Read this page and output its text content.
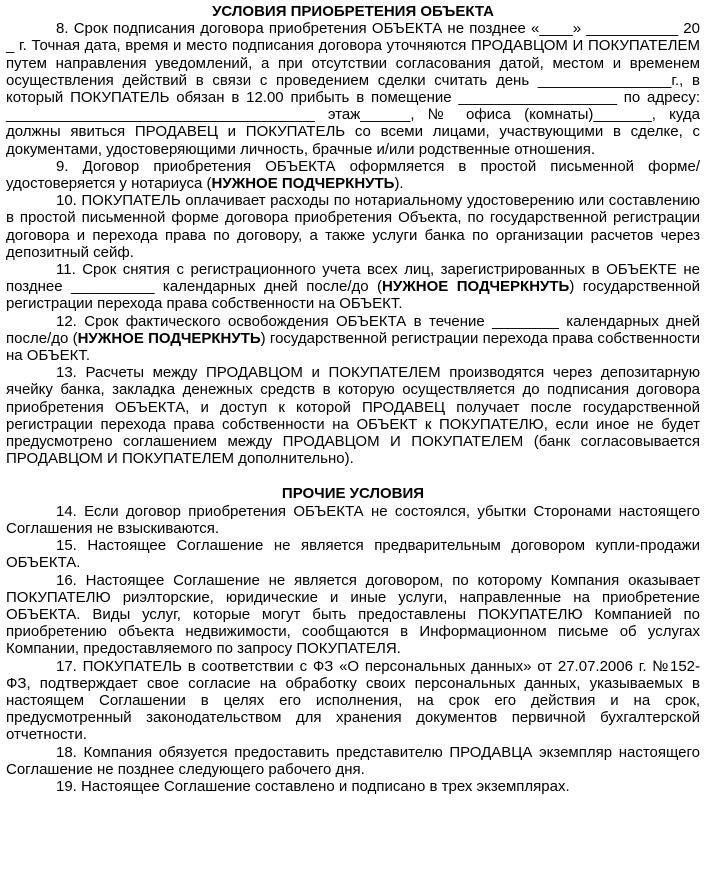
УСЛОВИЯ ПРИОБРЕТЕНИЯ ОБЪЕКТА

8. Срок подписания договора приобретения ОБЪЕКТА не позднее «____» ___________ 20 _ г. Точная дата, время и место подписания договора уточняются ПРОДАВЦОМ И ПОКУПАТЕЛЕМ путем направления уведомлений, а при отсутствии согласования датой, местом и временем осуществления действий в связи с проведением сделки считать день ________________г., в который ПОКУПАТЕЛЬ обязан в 12.00 прибыть в помещение ___________________ по адресу: _____________________________________ этаж______, № офиса (комнаты)_______, куда должны явиться ПРОДАВЕЦ и ПОКУПАТЕЛЬ со всеми лицами, участвующими в сделке, с документами, удостоверяющими личность, брачные и/или родственные отношения.

9. Договор приобретения ОБЪЕКТА оформляется в простой письменной форме/удостоверяется у нотариуса (НУЖНОЕ ПОДЧЕРКНУТЬ).

10. ПОКУПАТЕЛЬ оплачивает расходы по нотариальному удостоверению или составлению в простой письменной форме договора приобретения Объекта, по государственной регистрации договора и перехода права по договору, а также услуги банка по организации расчетов через депозитный сейф.

11. Срок снятия с регистрационного учета всех лиц, зарегистрированных в ОБЪЕКТЕ не позднее __________ календарных дней после/до (НУЖНОЕ ПОДЧЕРКНУТЬ) государственной регистрации перехода права собственности на ОБЪЕКТ.

12. Срок фактического освобождения ОБЪЕКТА в течение ________ календарных дней после/до (НУЖНОЕ ПОДЧЕРКНУТЬ) государственной регистрации перехода права собственности на ОБЪЕКТ.

13. Расчеты между ПРОДАВЦОМ и ПОКУПАТЕЛЕМ производятся через депозитарную ячейку банка, закладка денежных средств в которую осуществляется до подписания договора приобретения ОБЪЕКТА, и доступ к которой ПРОДАВЕЦ получает после государственной регистрации перехода права собственности на ОБЪЕКТ к ПОКУПАТЕЛЮ, если иное не будет предусмотрено соглашением между ПРОДАВЦОМ И ПОКУПАТЕЛЕМ (банк согласовывается ПРОДАВЦОМ И ПОКУПАТЕЛЕМ дополнительно).

ПРОЧИЕ УСЛОВИЯ

14. Если договор приобретения ОБЪЕКТА не состоялся, убытки Сторонами настоящего Соглашения не взыскиваются.

15. Настоящее Соглашение не является предварительным договором купли-продажи ОБЪЕКТА.

16. Настоящее Соглашение не является договором, по которому Компания оказывает ПОКУПАТЕЛЮ риэлторские, юридические и иные услуги, направленные на приобретение ОБЪЕКТА. Виды услуг, которые могут быть предоставлены ПОКУПАТЕЛЮ Компанией по приобретению объекта недвижимости, сообщаются в Информационном письме об услугах Компании, предоставляемого по запросу ПОКУПАТЕЛЯ.

17. ПОКУПАТЕЛЬ в соответствии с ФЗ «О персональных данных» от 27.07.2006 г. №152-ФЗ, подтверждает свое согласие на обработку своих персональных данных, указываемых в настоящем Соглашении в целях его исполнения, на срок его действия и на срок, предусмотренный законодательством для хранения документов первичной бухгалтерской отчетности.

18. Компания обязуется предоставить представителю ПРОДАВЦА экземпляр настоящего Соглашение не позднее следующего рабочего дня.

19. Настоящее Соглашение составлено и подписано в трех экземплярах.
